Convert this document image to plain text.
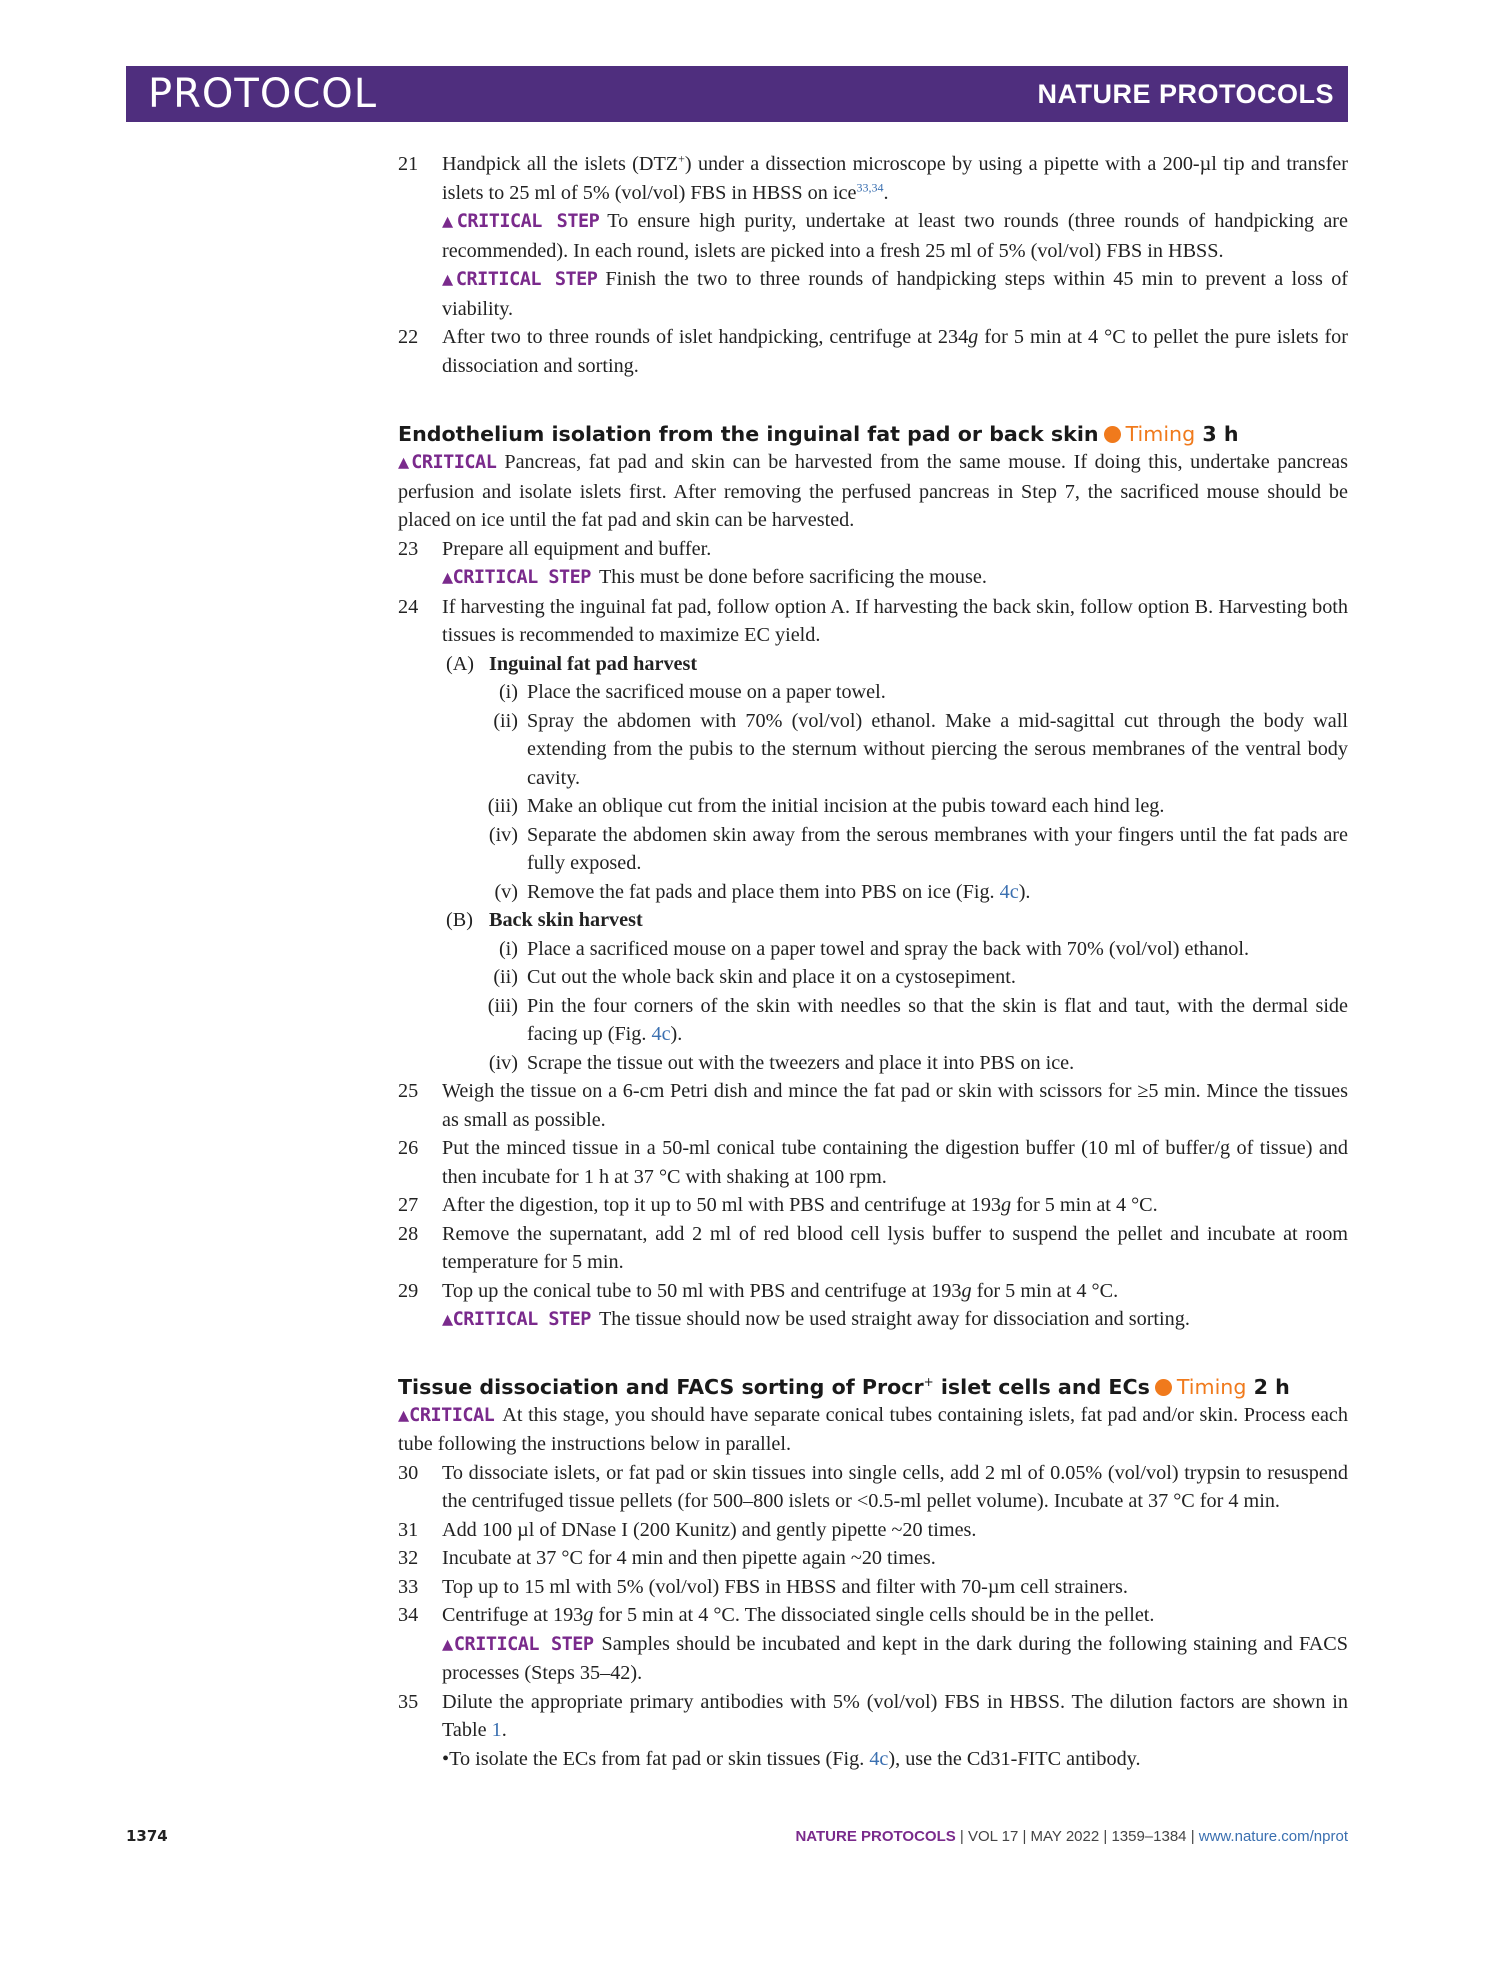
PROTOCOL	NATURE PROTOCOLS
21 Handpick all the islets (DTZ+) under a dissection microscope by using a pipette with a 200-µl tip and transfer islets to 25 ml of 5% (vol/vol) FBS in HBSS on ice$^{33,34}$.
▲CRITICAL STEP To ensure high purity, undertake at least two rounds (three rounds of handpicking are recommended). In each round, islets are picked into a fresh 25 ml of 5% (vol/vol) FBS in HBSS.
▲CRITICAL STEP Finish the two to three rounds of handpicking steps within 45 min to prevent a loss of viability.
22 After two to three rounds of islet handpicking, centrifuge at 234g for 5 min at 4 °C to pellet the pure islets for dissociation and sorting.
Endothelium isolation from the inguinal fat pad or back skin Timing 3 h
▲CRITICAL Pancreas, fat pad and skin can be harvested from the same mouse. If doing this, undertake pancreas perfusion and isolate islets first. After removing the perfused pancreas in Step 7, the sacrificed mouse should be placed on ice until the fat pad and skin can be harvested.
23 Prepare all equipment and buffer.
▲CRITICAL STEP This must be done before sacrificing the mouse.
24 If harvesting the inguinal fat pad, follow option A. If harvesting the back skin, follow option B. Harvesting both tissues is recommended to maximize EC yield.
(A) Inguinal fat pad harvest
(i) Place the sacrificed mouse on a paper towel.
(ii) Spray the abdomen with 70% (vol/vol) ethanol. Make a mid-sagittal cut through the body wall extending from the pubis to the sternum without piercing the serous membranes of the ventral body cavity.
(iii) Make an oblique cut from the initial incision at the pubis toward each hind leg.
(iv) Separate the abdomen skin away from the serous membranes with your fingers until the fat pads are fully exposed.
(v) Remove the fat pads and place them into PBS on ice (Fig. 4c).
(B) Back skin harvest
(i) Place a sacrificed mouse on a paper towel and spray the back with 70% (vol/vol) ethanol.
(ii) Cut out the whole back skin and place it on a cystosepiment.
(iii) Pin the four corners of the skin with needles so that the skin is flat and taut, with the dermal side facing up (Fig. 4c).
(iv) Scrape the tissue out with the tweezers and place it into PBS on ice.
25 Weigh the tissue on a 6-cm Petri dish and mince the fat pad or skin with scissors for ≥5 min. Mince the tissues as small as possible.
26 Put the minced tissue in a 50-ml conical tube containing the digestion buffer (10 ml of buffer/g of tissue) and then incubate for 1 h at 37 °C with shaking at 100 rpm.
27 After the digestion, top it up to 50 ml with PBS and centrifuge at 193g for 5 min at 4 °C.
28 Remove the supernatant, add 2 ml of red blood cell lysis buffer to suspend the pellet and incubate at room temperature for 5 min.
29 Top up the conical tube to 50 ml with PBS and centrifuge at 193g for 5 min at 4 °C.
▲CRITICAL STEP The tissue should now be used straight away for dissociation and sorting.
Tissue dissociation and FACS sorting of Procr+ islet cells and ECs Timing 2 h
▲CRITICAL At this stage, you should have separate conical tubes containing islets, fat pad and/or skin. Process each tube following the instructions below in parallel.
30 To dissociate islets, or fat pad or skin tissues into single cells, add 2 ml of 0.05% (vol/vol) trypsin to resuspend the centrifuged tissue pellets (for 500–800 islets or <0.5-ml pellet volume). Incubate at 37 °C for 4 min.
31 Add 100 µl of DNase I (200 Kunitz) and gently pipette ~20 times.
32 Incubate at 37 °C for 4 min and then pipette again ~20 times.
33 Top up to 15 ml with 5% (vol/vol) FBS in HBSS and filter with 70-µm cell strainers.
34 Centrifuge at 193g for 5 min at 4 °C. The dissociated single cells should be in the pellet.
▲CRITICAL STEP Samples should be incubated and kept in the dark during the following staining and FACS processes (Steps 35–42).
35 Dilute the appropriate primary antibodies with 5% (vol/vol) FBS in HBSS. The dilution factors are shown in Table 1.
•To isolate the ECs from fat pad or skin tissues (Fig. 4c), use the Cd31-FITC antibody.
1374	NATURE PROTOCOLS | VOL 17 | MAY 2022 | 1359–1384 | www.nature.com/nprot
